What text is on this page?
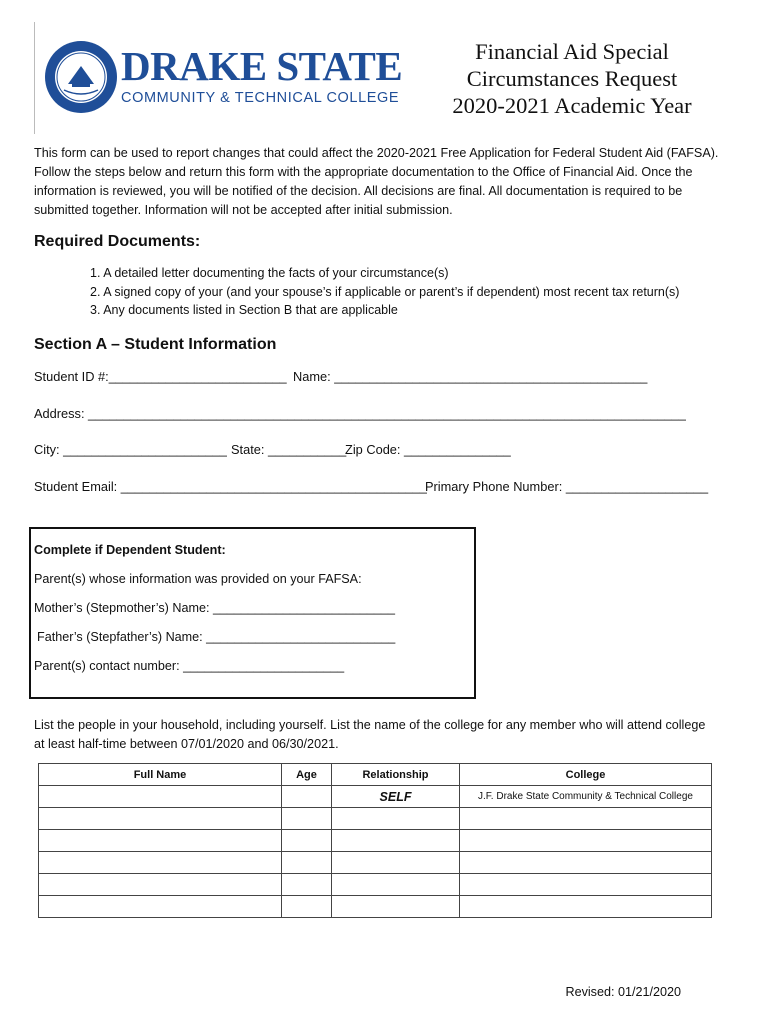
DRAKE STATE
COMMUNITY & TECHNICAL COLLEGE
Financial Aid Special
Circumstances Request
2020-2021 Academic Year
This form can be used to report changes that could affect the 2020-2021 Free Application for Federal Student Aid (FAFSA).
Follow the steps below and return this form with the appropriate documentation to the Office of Financial Aid. Once the
information is reviewed, you will be notified of the decision. All decisions are final. All documentation is required to be
submitted together. Information will not be accepted after initial submission.
Required Documents:
1. A detailed letter documenting the facts of your circumstance(s)
2. A signed copy of your (and your spouse’s if applicable or parent’s if dependent) most recent tax return(s)
3. Any documents listed in Section B that are applicable
Section A – Student Information
Student ID #:_________________________ Name: ____________________________________________
Address: ____________________________________________________________________________________
City: _______________________ State: ___________
Zip Code: _______________
Student Email: ___________________________________________
Primary Phone Number: ____________________
Complete if Dependent Student:
Parent(s) whose information was provided on your FAFSA:
Mother’s (Stepmother’s) Name: __________________________
Father’s (Stepfather’s) Name: ___________________________
Parent(s) contact number: _______________________
List the people in your household, including yourself. List the name of the college for any member who will attend college
at least half-time between 07/01/2020 and 06/30/2021.
Full Name	Age	Relationship	College
		SELF	J.F. Drake State Community & Technical College

Revised: 01/21/2020
